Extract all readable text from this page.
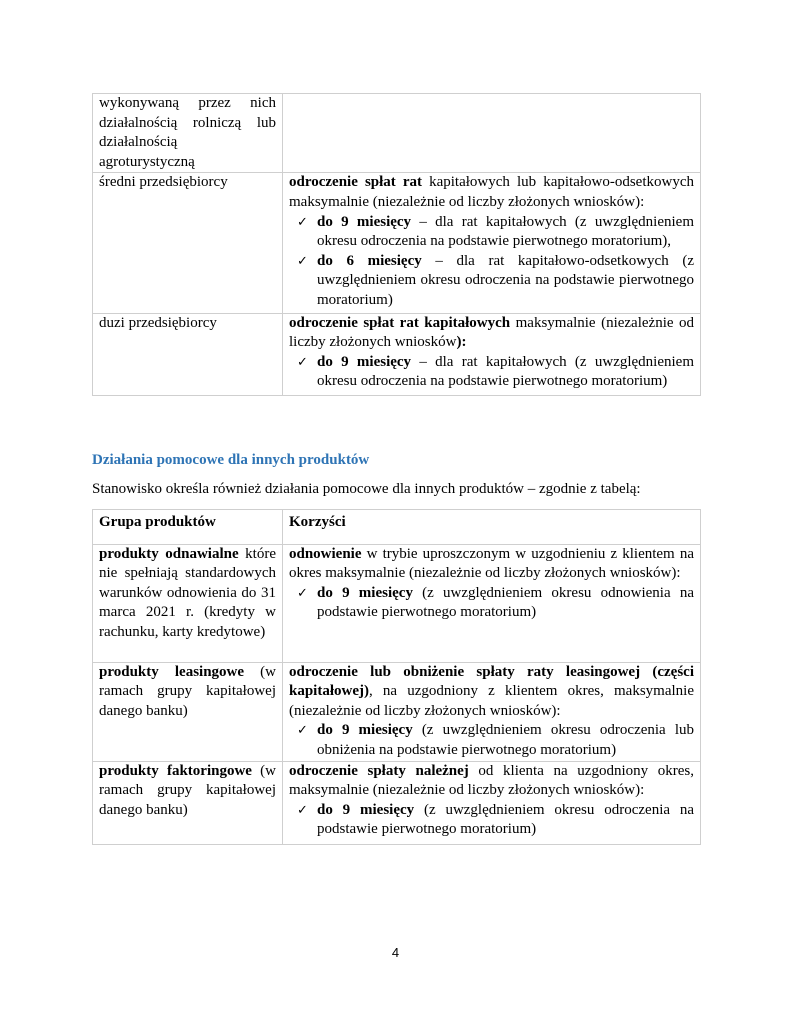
wykonywaną przez nich
działalnością rolniczą lub
działalnością
agroturystyczną	

średni przedsiębiorcy	odroczenie spłat rat kapitałowych lub kapitałowo-odsetkowych maksymalnie (niezależnie od liczby złożonych wniosków):
✓ do 9 miesięcy – dla rat kapitałowych (z uwzględnieniem okresu odroczenia na podstawie pierwotnego moratorium),
✓ do 6 miesięcy – dla rat kapitałowo-odsetkowych (z uwzględnieniem okresu odroczenia na podstawie pierwotnego moratorium)

duzi przedsiębiorcy	odroczenie spłat rat kapitałowych maksymalnie (niezależnie od liczby złożonych wniosków):
✓ do 9 miesięcy – dla rat kapitałowych (z uwzględnieniem okresu odroczenia na podstawie pierwotnego moratorium)
Działania pomocowe dla innych produktów
Stanowisko określa również działania pomocowe dla innych produktów – zgodnie z tabelą:
Grupa produktów	Korzyści
produkty odnawialne które nie spełniają standardowych warunków odnowienia do 31 marca 2021 r. (kredyty w rachunku, karty kredytowe)	odnowienie w trybie uproszczonym w uzgodnieniu z klientem na okres maksymalnie (niezależnie od liczby złożonych wniosków):
✓ do 9 miesięcy (z uwzględnieniem okresu odnowienia na podstawie pierwotnego moratorium)

produkty leasingowe (w ramach grupy kapitałowej danego banku)	odroczenie lub obniżenie spłaty raty leasingowej (części kapitałowej), na uzgodniony z klientem okres, maksymalnie (niezależnie od liczby złożonych wniosków):
✓ do 9 miesięcy (z uwzględnieniem okresu odroczenia lub obniżenia na podstawie pierwotnego moratorium)

produkty faktoringowe (w ramach grupy kapitałowej danego banku)	odroczenie spłaty należnej od klienta na uzgodniony okres, maksymalnie (niezależnie od liczby złożonych wniosków):
✓ do 9 miesięcy (z uwzględnieniem okresu odroczenia na podstawie pierwotnego moratorium)
4
